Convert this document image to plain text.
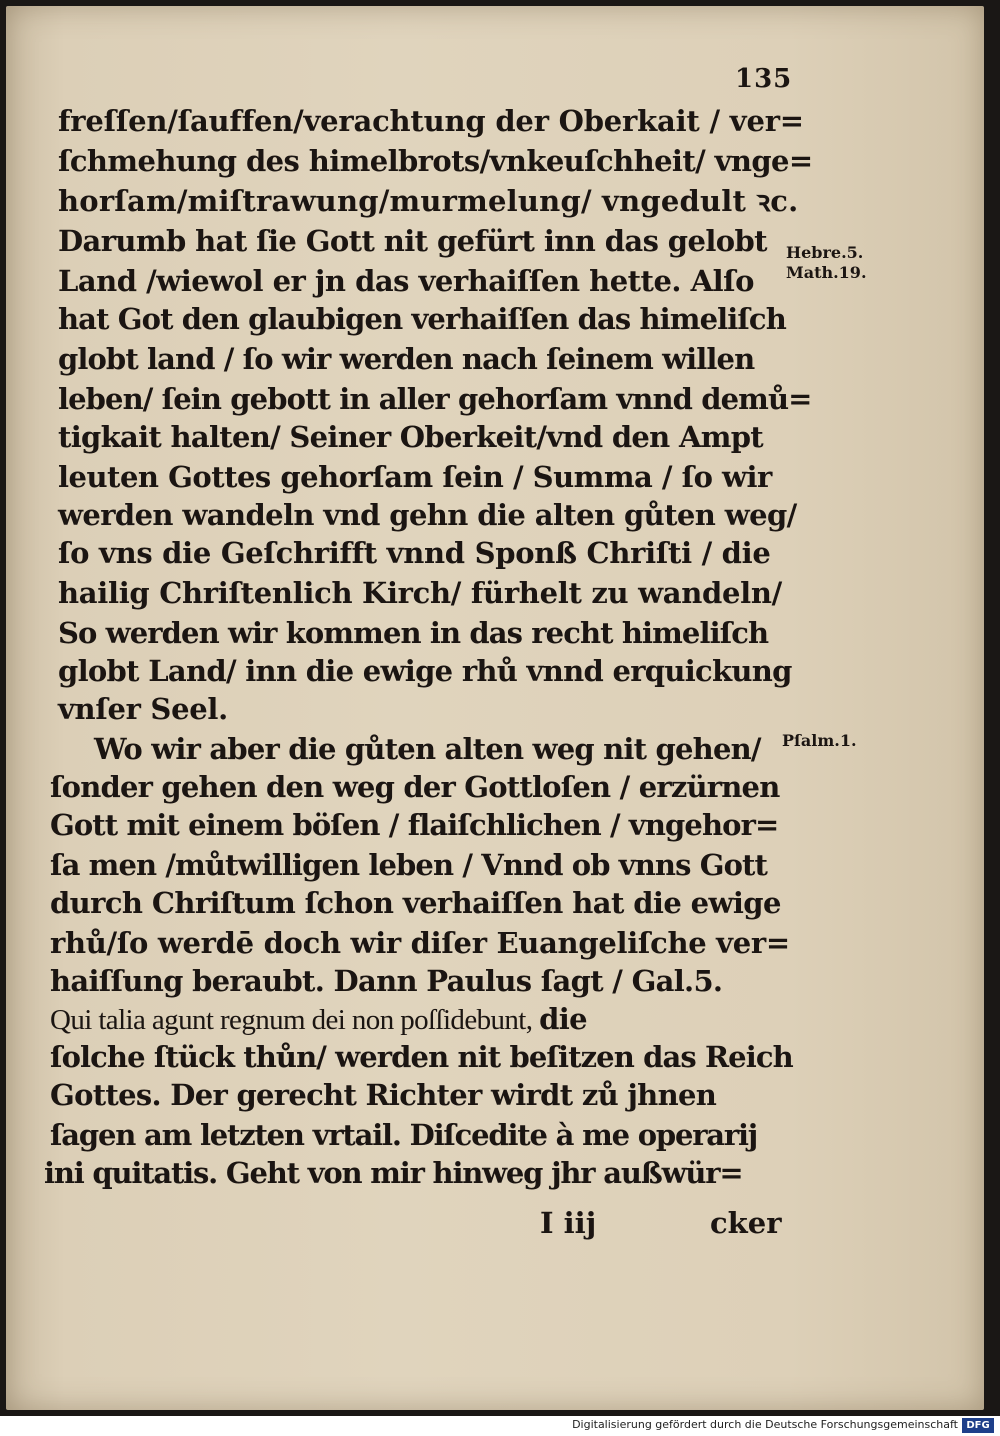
135
freſſen/ſauffen/verachtung der Oberkait / ver=
ſchmehung des himelbrots/vnkeuſchheit/ vnge=
horſam/miſtrawung/murmelung/ vngedult ꝛc.
Darumb hat ſie Gott nit gefürt inn das gelobt
Land /wiewol er jn das verhaiſſen hette. Alſo
hat Got den glaubigen verhaiſſen das himeliſch
globt land / ſo wir werden nach ſeinem willen
leben/ ſein gebott in aller gehorſam vnnd demů=
tigkait halten/ Seiner Oberkeit/vnd den Ampt
leuten Gottes gehorſam ſein / Summa / ſo wir
werden wandeln vnd gehn die alten gůten weg/
ſo vns die Geſchrifft vnnd Sponß Chriſti / die
hailig Chriſtenlich Kirch/ fürhelt zu wandeln/
So werden wir kommen in das recht himeliſch
globt Land/ inn die ewige rhů vnnd erquickung
vnſer Seel.
Wo wir aber die gůten alten weg nit gehen/
ſonder gehen den weg der Gottloſen / erzürnen
Gott mit einem böſen / flaiſchlichen / vngehor=
ſa men /můtwilligen leben / Vnnd ob vnns Gott
durch Chriſtum ſchon verhaiſſen hat die ewige
rhů/ſo werdē doch wir diſer Euangeliſche ver=
haiſſung beraubt. Dann Paulus ſagt / Gal.5.
Qui talia agunt regnum dei non poſſidebunt, die
ſolche ſtück thůn/ werden nit beſitzen das Reich
Gottes. Der gerecht Richter wirdt zů jhnen
ſagen am letzten vrtail. Diſcedite à me operarij
ini quitatis. Geht von mir hinweg jhr außwür=
I iij	cker
Hebre.5.
Math.19.
Pſalm.1.
Digitalisierung gefördert durch die Deutsche Forschungsgemeinschaft DFG
